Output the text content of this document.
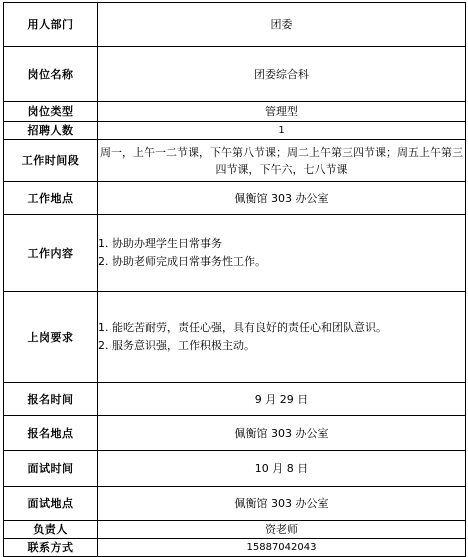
用人部门	团委
岗位名称	团委综合科
岗位类型	管理型
招聘人数	1
工作时间段	周一，上午一二节课，下午第八节课；周二上午第三四节课；周五上午第三四节课，下午六，七八节课
工作地点	佩衡馆 303 办公室
工作内容	1. 协助办理学生日常事务
2. 协助老师完成日常事务性工作。

上岗要求	1. 能吃苦耐劳，责任心强，具有良好的责任心和团队意识。
2. 服务意识强，工作积极主动。

报名时间	9 月 29 日
报名地点	佩衡馆 303 办公室
面试时间	10 月 8 日
面试地点	佩衡馆 303 办公室
负责人	资老师
联系方式	15887042043
